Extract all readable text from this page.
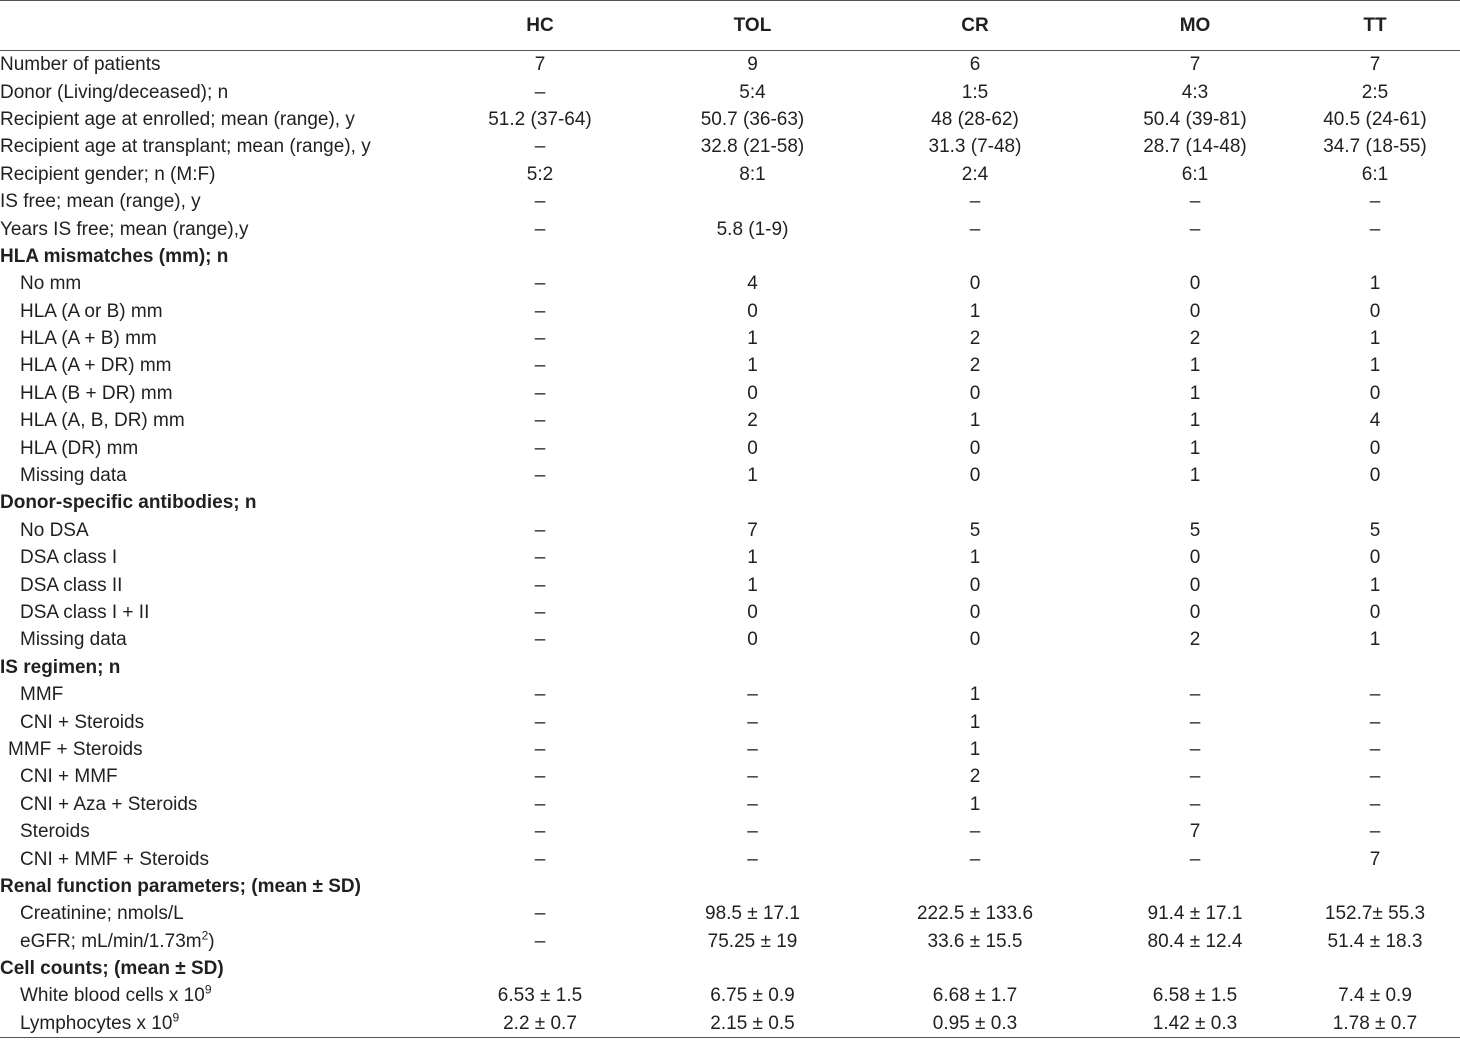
	HC	TOL	CR	MO	TT
Number of patients	7	9	6	7	7
Donor (Living/deceased); n	–	5:4	1:5	4:3	2:5
Recipient age at enrolled; mean (range), y	51.2 (37-64)	50.7 (36-63)	48 (28-62)	50.4 (39-81)	40.5 (24-61)
Recipient age at transplant; mean (range), y	–	32.8 (21-58)	31.3 (7-48)	28.7 (14-48)	34.7 (18-55)
Recipient gender; n (M:F)	5:2	8:1	2:4	6:1	6:1
IS free; mean (range), y	–		–	–	–
Years IS free; mean (range),y	–	5.8 (1-9)	–	–	–
HLA mismatches (mm); n					
No mm	–	4	0	0	1
HLA (A or B) mm	–	0	1	0	0
HLA (A + B) mm	–	1	2	2	1
HLA (A + DR) mm	–	1	2	1	1
HLA (B + DR) mm	–	0	0	1	0
HLA (A, B, DR) mm	–	2	1	1	4
HLA (DR) mm	–	0	0	1	0
Missing data	–	1	0	1	0
Donor-specific antibodies; n					
No DSA	–	7	5	5	5
DSA class I	–	1	1	0	0
DSA class II	–	1	0	0	1
DSA class I + II	–	0	0	0	0
Missing data	–	0	0	2	1
IS regimen; n					
MMF	–	–	1	–	–
CNI + Steroids	–	–	1	–	–
MMF + Steroids	–	–	1	–	–
CNI + MMF	–	–	2	–	–
CNI + Aza + Steroids	–	–	1	–	–
Steroids	–	–	–	7	–
CNI + MMF + Steroids	–	–	–	–	7
Renal function parameters; (mean ± SD)					
Creatinine; nmols/L	–	98.5 ± 17.1	222.5 ± 133.6	91.4 ± 17.1	152.7± 55.3
eGFR; $mL/\min/1.73m^2$)	–	75.25 ± 19	33.6 ± 15.5	80.4 ± 12.4	51.4 ± 18.3
Cell counts; (mean ± SD)					
White blood cells x $10^9$	6.53 ± 1.5	6.75 ± 0.9	6.68 ± 1.7	6.58 ± 1.5	7.4 ± 0.9
Lymphocytes x $10^9$	2.2 ± 0.7	2.15 ± 0.5	0.95 ± 0.3	1.42 ± 0.3	1.78 ± 0.7
